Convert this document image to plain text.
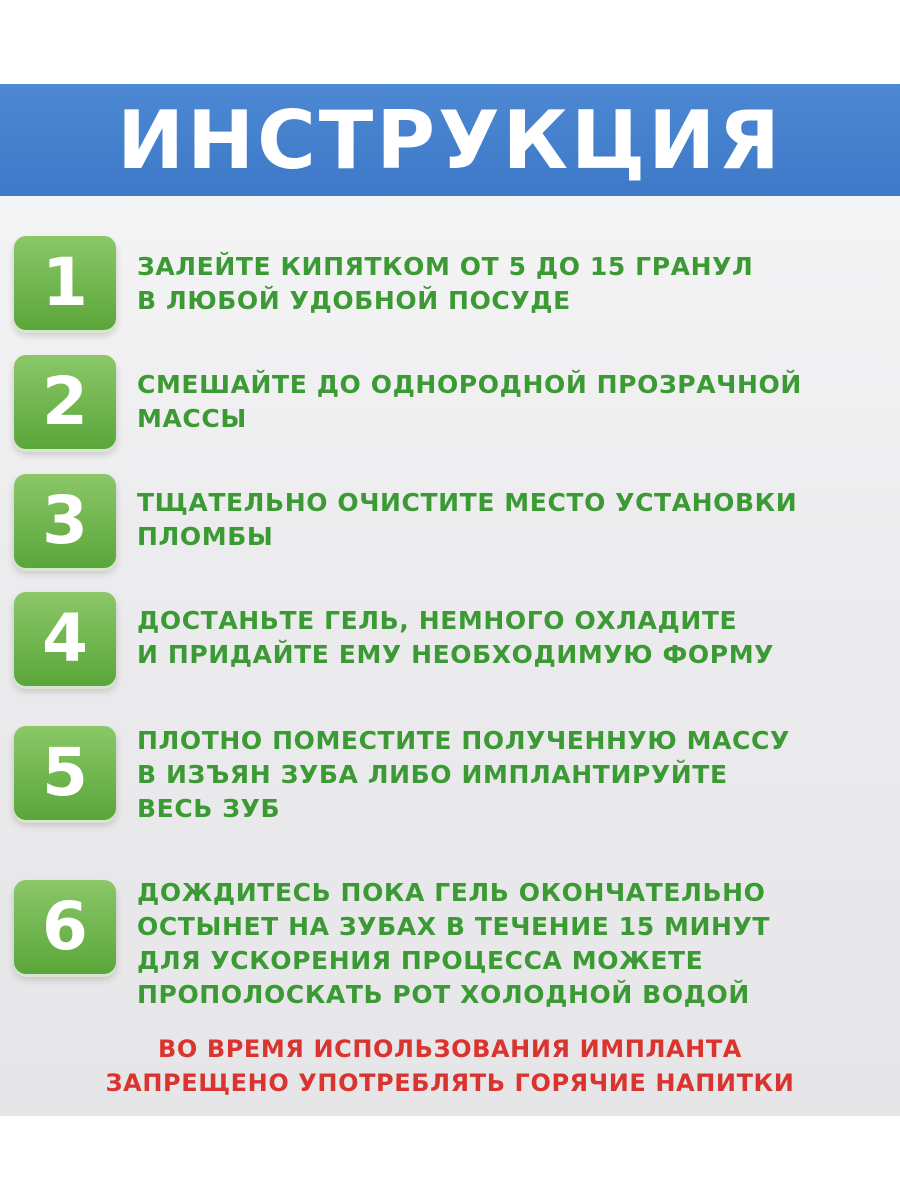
ИНСТРУКЦИЯ
1 ЗАЛЕЙТЕ КИПЯТКОМ ОТ 5 ДО 15 ГРАНУЛ
В ЛЮБОЙ УДОБНОЙ ПОСУДЕ
2 СМЕШАЙТЕ ДО ОДНОРОДНОЙ ПРОЗРАЧНОЙ
МАССЫ
3 ТЩАТЕЛЬНО ОЧИСТИТЕ МЕСТО УСТАНОВКИ
ПЛОМБЫ
4 ДОСТАНЬТЕ ГЕЛЬ, НЕМНОГО ОХЛАДИТЕ
И ПРИДАЙТЕ ЕМУ НЕОБХОДИМУЮ ФОРМУ
5 ПЛОТНО ПОМЕСТИТЕ ПОЛУЧЕННУЮ МАССУ
В ИЗЪЯН ЗУБА ЛИБО ИМПЛАНТИРУЙТЕ
ВЕСЬ ЗУБ
6 ДОЖДИТЕСЬ ПОКА ГЕЛЬ ОКОНЧАТЕЛЬНО
ОСТЫНЕТ НА ЗУБАХ В ТЕЧЕНИЕ 15 МИНУТ
ДЛЯ УСКОРЕНИЯ ПРОЦЕССА МОЖЕТЕ
ПРОПОЛОСКАТЬ РОТ ХОЛОДНОЙ ВОДОЙ
ВО ВРЕМЯ ИСПОЛЬЗОВАНИЯ ИМПЛАНТА
ЗАПРЕЩЕНО УПОТРЕБЛЯТЬ ГОРЯЧИЕ НАПИТКИ
